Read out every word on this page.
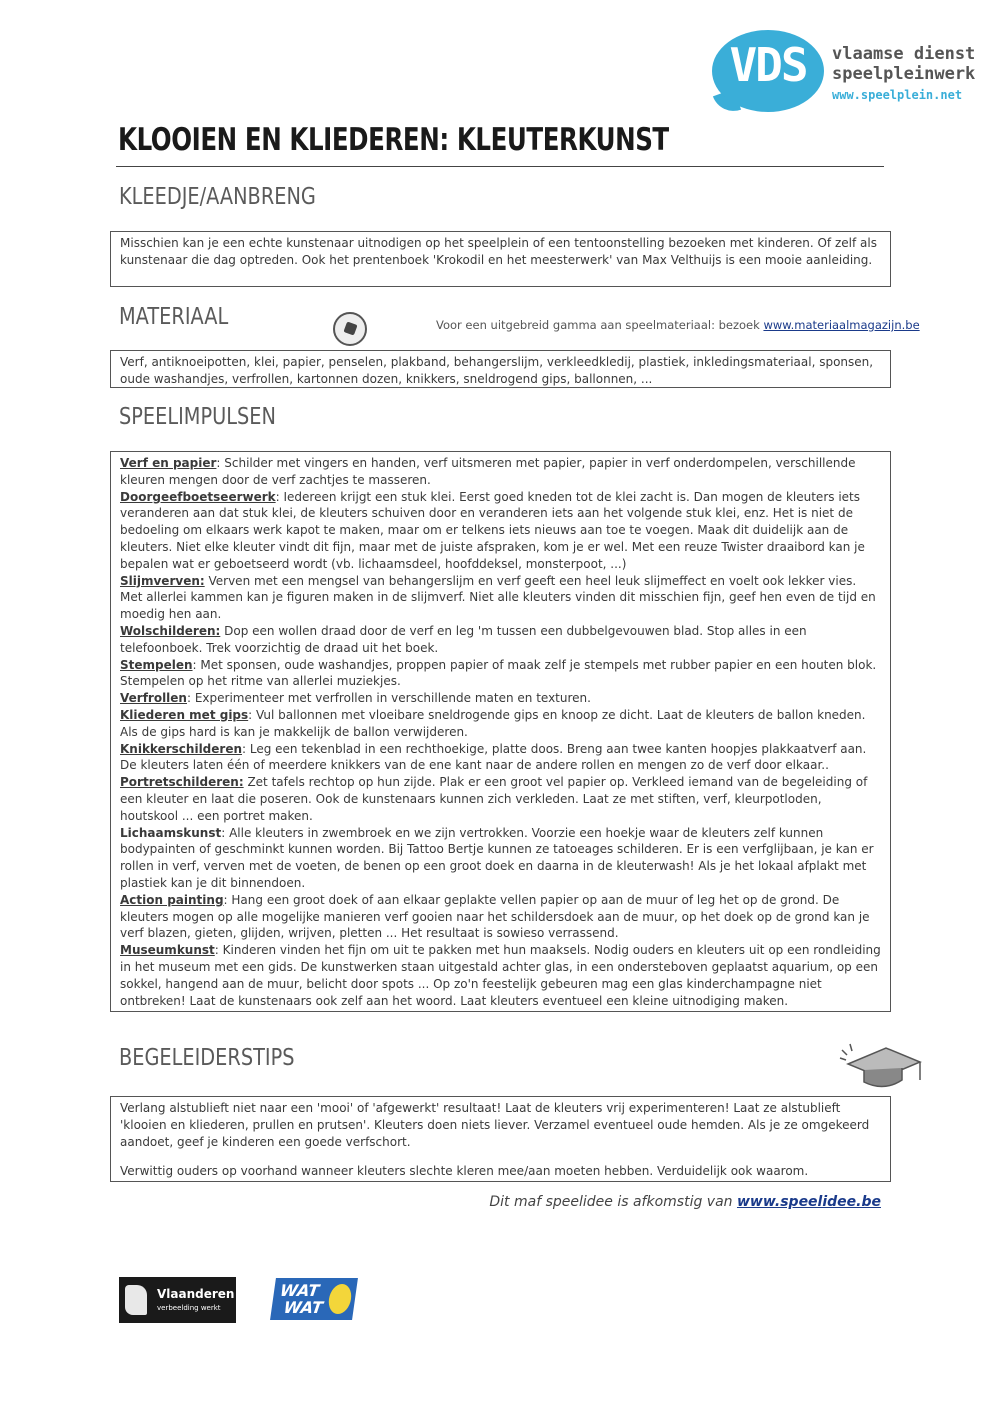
VDS	vlaamse dienst
speelpleinwerk
www.speelplein.net
KLOOIEN EN KLIEDEREN: KLEUTERKUNST
KLEEDJE/AANBRENG

Misschien kan je een echte kunstenaar uitnodigen op het speelplein of een tentoonstelling bezoeken met kinderen. Of zelf als kunstenaar die dag optreden. Ook het prentenboek 'Krokodil en het meesterwerk' van Max Velthuijs is een mooie aanleiding.

MATERIAAL	Voor een uitgebreid gamma aan speelmateriaal: bezoek www.materiaalmagazijn.be

Verf, antiknoeipotten, klei, papier, penselen, plakband, behangerslijm, verkleedkledij, plastiek, inkledingsmateriaal, sponsen, oude washandjes, verfrollen, kartonnen dozen, knikkers, sneldrogend gips, ballonnen, ...

SPEELIMPULSEN

Verf en papier: Schilder met vingers en handen, verf uitsmeren met papier, papier in verf onderdompelen, verschillende kleuren mengen door de verf zachtjes te masseren.

Doorgeefboetseerwerk: Iedereen krijgt een stuk klei. Eerst goed kneden tot de klei zacht is. Dan mogen de kleuters iets veranderen aan dat stuk klei, de kleuters schuiven door en veranderen iets aan het volgende stuk klei, enz. Het is niet de bedoeling om elkaars werk kapot te maken, maar om er telkens iets nieuws aan toe te voegen. Maak dit duidelijk aan de kleuters. Niet elke kleuter vindt dit fijn, maar met de juiste afspraken, kom je er wel. Met een reuze Twister draaibord kan je bepalen wat er geboetseerd wordt (vb. lichaamsdeel, hoofddeksel, monsterpoot, ...)

Slijmverven: Verven met een mengsel van behangerslijm en verf geeft een heel leuk slijmeffect en voelt ook lekker vies. Met allerlei kammen kan je figuren maken in de slijmverf. Niet alle kleuters vinden dit misschien fijn, geef hen even de tijd en moedig hen aan.

Wolschilderen: Dop een wollen draad door de verf en leg 'm tussen een dubbelgevouwen blad. Stop alles in een telefoonboek. Trek voorzichtig de draad uit het boek.

Stempelen: Met sponsen, oude washandjes, proppen papier of maak zelf je stempels met rubber papier en een houten blok. Stempelen op het ritme van allerlei muziekjes.

Verfrollen: Experimenteer met verfrollen in verschillende maten en texturen.

Kliederen met gips: Vul ballonnen met vloeibare sneldrogende gips en knoop ze dicht. Laat de kleuters de ballon kneden. Als de gips hard is kan je makkelijk de ballon verwijderen.

Knikkerschilderen: Leg een tekenblad in een rechthoekige, platte doos. Breng aan twee kanten hoopjes plakkaatverf aan. De kleuters laten één of meerdere knikkers van de ene kant naar de andere rollen en mengen zo de verf door elkaar..

Portretschilderen: Zet tafels rechtop op hun zijde. Plak er een groot vel papier op. Verkleed iemand van de begeleiding of een kleuter en laat die poseren. Ook de kunstenaars kunnen zich verkleden. Laat ze met stiften, verf, kleurpotloden, houtskool ... een portret maken.

Lichaamskunst: Alle kleuters in zwembroek en we zijn vertrokken. Voorzie een hoekje waar de kleuters zelf kunnen bodypainten of geschminkt kunnen worden. Bij Tattoo Bertje kunnen ze tatoeages schilderen. Er is een verfglijbaan, je kan er rollen in verf, verven met de voeten, de benen op een groot doek en daarna in de kleuterwash! Als je het lokaal afplakt met plastiek kan je dit binnendoen.

Action painting: Hang een groot doek of aan elkaar geplakte vellen papier op aan de muur of leg het op de grond. De kleuters mogen op alle mogelijke manieren verf gooien naar het schildersdoek aan de muur, op het doek op de grond kan je verf blazen, gieten, glijden, wrijven, pletten ... Het resultaat is sowieso verrassend.

Museumkunst: Kinderen vinden het fijn om uit te pakken met hun maaksels. Nodig ouders en kleuters uit op een rondleiding in het museum met een gids. De kunstwerken staan uitgestald achter glas, in een ondersteboven geplaatst aquarium, op een sokkel, hangend aan de muur, belicht door spots ... Op zo'n feestelijk gebeuren mag een glas kinderchampagne niet ontbreken! Laat de kunstenaars ook zelf aan het woord. Laat kleuters eventueel een kleine uitnodiging maken.

BEGELEIDERSTIPS

Verlang alstublieft niet naar een 'mooi' of 'afgewerkt' resultaat! Laat de kleuters vrij experimenteren! Laat ze alstublieft 'klooien en kliederen, prullen en prutsen'. Kleuters doen niets liever. Verzamel eventueel oude hemden. Als je ze omgekeerd aandoet, geef je kinderen een goede verfschort.

Verwittig ouders op voorhand wanneer kleuters slechte kleren mee/aan moeten hebben. Verduidelijk ook waarom.

Dit maf speelidee is afkomstig van www.speelidee.be
Vlaanderen
verbeelding werkt
WAT
WAT
